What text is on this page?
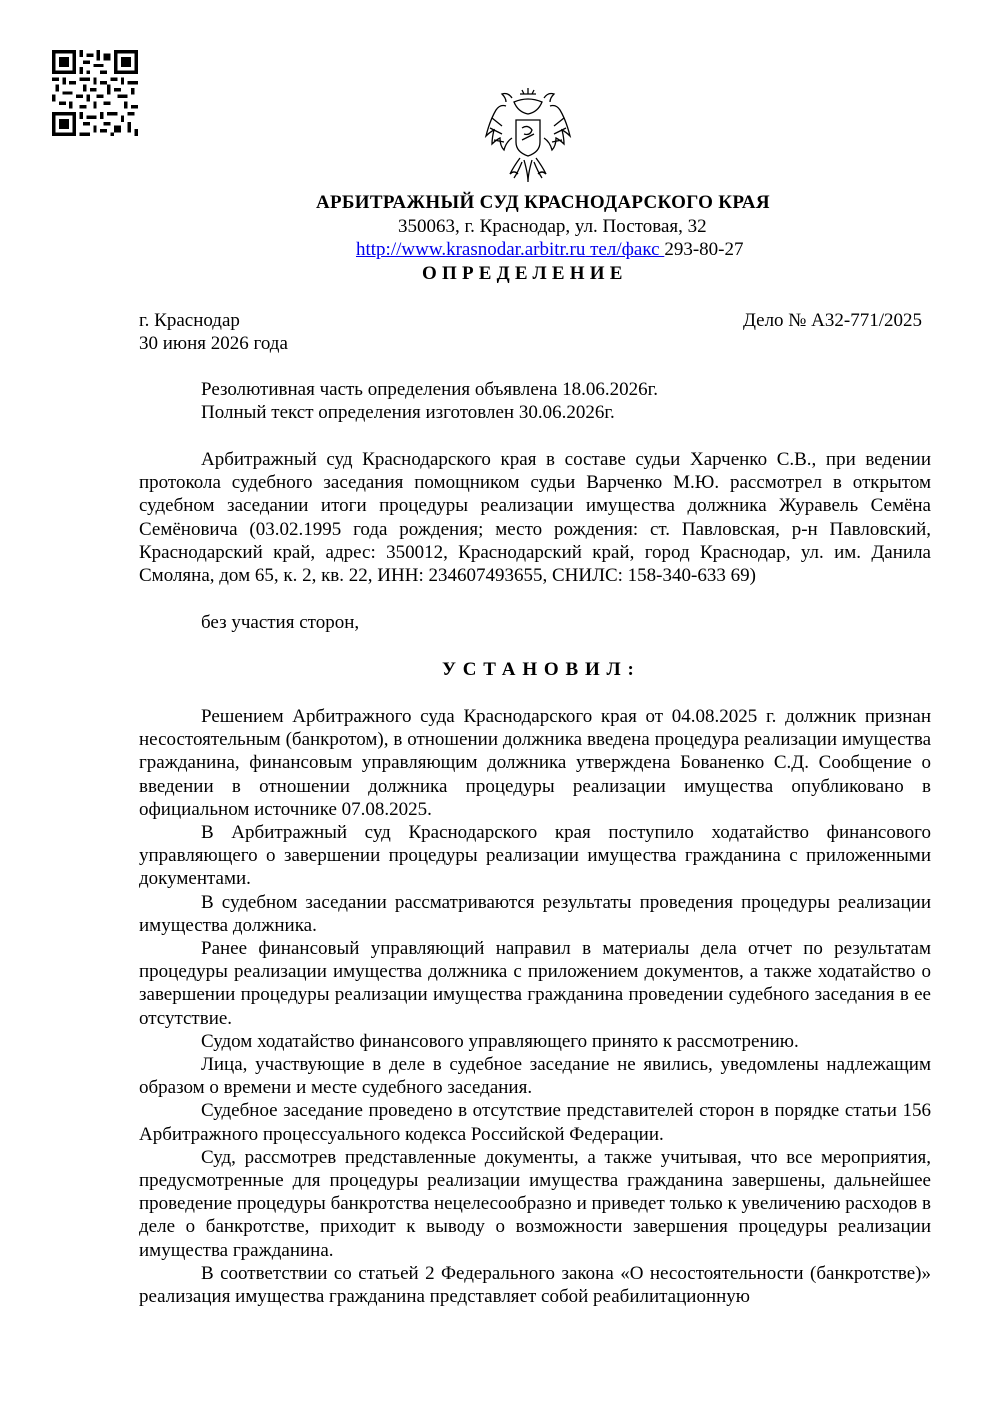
АРБИТРАЖНЫЙ СУД КРАСНОДАРСКОГО КРАЯ
350063, г. Краснодар, ул. Постовая, 32
http://www.krasnodar.arbitr.ru тел/факс 293-80-27
ОПРЕДЕЛЕНИЕ
г. Краснодар
30 июня 2026 года
Дело № А32-771/2025

Резолютивная часть определения объявлена 18.06.2026г.

Полный текст определения изготовлен 30.06.2026г.

Арбитражный суд Краснодарского края в составе судьи Харченко С.В., при ведении протокола судебного заседания помощником судьи Варченко М.Ю. рассмотрел в открытом судебном заседании итоги процедуры реализации имущества должника Журавель Семёна Семёновича (03.02.1995 года рождения; место рождения: ст. Павловская, р-н Павловский, Краснодарский край, адрес: 350012, Краснодарский край, город Краснодар, ул. им. Данила Смоляна, дом 65, к. 2, кв. 22, ИНН: 234607493655, СНИЛС: 158-340-633 69)

без участия сторон,
УСТАНОВИЛ:

Решением Арбитражного суда Краснодарского края от 04.08.2025 г. должник признан несостоятельным (банкротом), в отношении должника введена процедура реализации имущества гражданина, финансовым управляющим должника утверждена Бованенко С.Д. Сообщение о введении в отношении должника процедуры реализации имущества опубликовано в официальном источнике 07.08.2025.

В Арбитражный суд Краснодарского края поступило ходатайство финансового управляющего о завершении процедуры реализации имущества гражданина с приложенными документами.

В судебном заседании рассматриваются результаты проведения процедуры реализации имущества должника.

Ранее финансовый управляющий направил в материалы дела отчет по результатам процедуры реализации имущества должника с приложением документов, а также ходатайство о завершении процедуры реализации имущества гражданина проведении судебного заседания в ее отсутствие.

Судом ходатайство финансового управляющего принято к рассмотрению.

Лица, участвующие в деле в судебное заседание не явились, уведомлены надлежащим образом о времени и месте судебного заседания.

Судебное заседание проведено в отсутствие представителей сторон в порядке статьи 156 Арбитражного процессуального кодекса Российской Федерации.

Суд, рассмотрев представленные документы, а также учитывая, что все мероприятия, предусмотренные для процедуры реализации имущества гражданина завершены, дальнейшее проведение процедуры банкротства нецелесообразно и приведет только к увеличению расходов в деле о банкротстве, приходит к выводу о возможности завершения процедуры реализации имущества гражданина.

В соответствии со статьей 2 Федерального закона «О несостоятельности (банкротстве)» реализация имущества гражданина представляет собой реабилитационную
